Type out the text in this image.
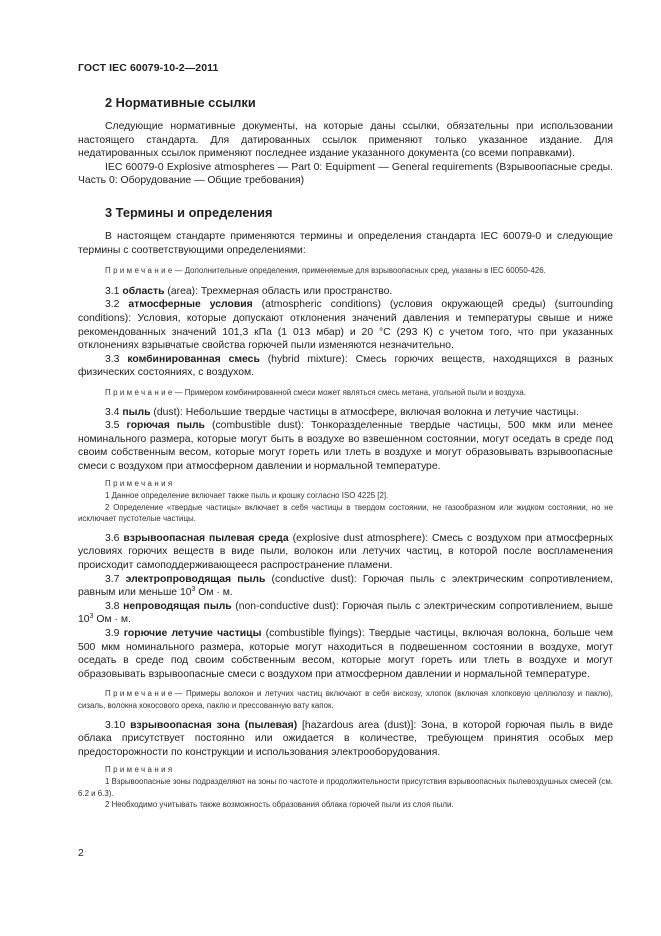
ГОСТ IEC 60079-10-2—2011
2 Нормативные ссылки

Следующие нормативные документы, на которые даны ссылки, обязательны при использовании настоящего стандарта. Для датированных ссылок применяют только указанное издание. Для недатированных ссылок применяют последнее издание указанного документа (со всеми поправками).

IEC 60079-0 Explosive atmospheres — Part 0: Equipment — General requirements (Взрывоопасные среды. Часть 0: Оборудование — Общие требования)

3 Термины и определения

В настоящем стандарте применяются термины и определения стандарта IEC 60079-0 и следующие термины с соответствующими определениями:

Примечание— Дополнительные определения, применяемые для взрывоопасных сред, указаны в IEC 60050-426.

3.1 область (area): Трехмерная область или пространство.

3.2 атмосферные условия (atmospheric conditions) (условия окружающей среды) (surrounding conditions): Условия, которые допускают отклонения значений давления и температуры свыше и ниже рекомендованных значений 101,3 кПа (1 013 мбар) и 20 °С (293 К) с учетом того, что при указанных отклонениях взрывчатые свойства горючей пыли изменяются незначительно.

3.3 комбинированная смесь (hybrid mixture): Смесь горючих веществ, находящихся в разных физических состояниях, с воздухом.

Примечание— Примером комбинированной смеси может являться смесь метана, угольной пыли и воздуха.

3.4 пыль (dust): Небольшие твердые частицы в атмосфере, включая волокна и летучие частицы.

3.5 горючая пыль (combustible dust): Тонкоразделенные твердые частицы, 500 мкм или менее номинального размера, которые могут быть в воздухе во взвешенном состоянии, могут оседать в среде под своим собственным весом, которые могут гореть или тлеть в воздухе и могут образовывать взрывоопасные смеси с воздухом при атмосферном давлении и нормальной температуре.

Примечания

1 Данное определение включает также пыль и крошку согласно ISO 4225 [2].

2 Определение «твердые частицы» включает в себя частицы в твердом состоянии, не газообразном или жидком состоянии, но не исключает пустотелые частицы.

3.6 взрывоопасная пылевая среда (explosive dust atmosphere): Смесь с воздухом при атмосферных условиях горючих веществ в виде пыли, волокон или летучих частиц, в которой после воспламенения происходит самоподдерживающееся распространение пламени.

3.7 электропроводящая пыль (conductive dust): Горючая пыль с электрическим сопротивлением, равным или меньше $10^3$ Ом · м.

3.8 непроводящая пыль (non-conductive dust): Горючая пыль с электрическим сопротивлением, выше $10^3$ Ом · м.

3.9 горючие летучие частицы (combustible flyings): Твердые частицы, включая волокна, больше чем 500 мкм номинального размера, которые могут находиться в подвешенном состоянии в воздухе, могут оседать в среде под своим собственным весом, которые могут гореть или тлеть в воздухе и могут образовывать взрывоопасные смеси с воздухом при атмосферном давлении и нормальной температуре.

Примечание— Примеры волокон и летучих частиц включают в себя вискозу, хлопок (включая хлопковую целлюлозу и паклю), сизаль, волокна кокосового ореха, паклю и прессованную вату капок.

3.10 взрывоопасная зона (пылевая) [hazardous area (dust)]: Зона, в которой горючая пыль в виде облака присутствует постоянно или ожидается в количестве, требующем принятия особых мер предосторожности по конструкции и использования электрооборудования.

Примечания

1 Взрывоопасные зоны подразделяют на зоны по частоте и продолжительности присутствия взрывоопасных пылевоздушных смесей (см. 6.2 и 6.3).

2 Необходимо учитывать также возможность образования облака горючей пыли из слоя пыли.

2
